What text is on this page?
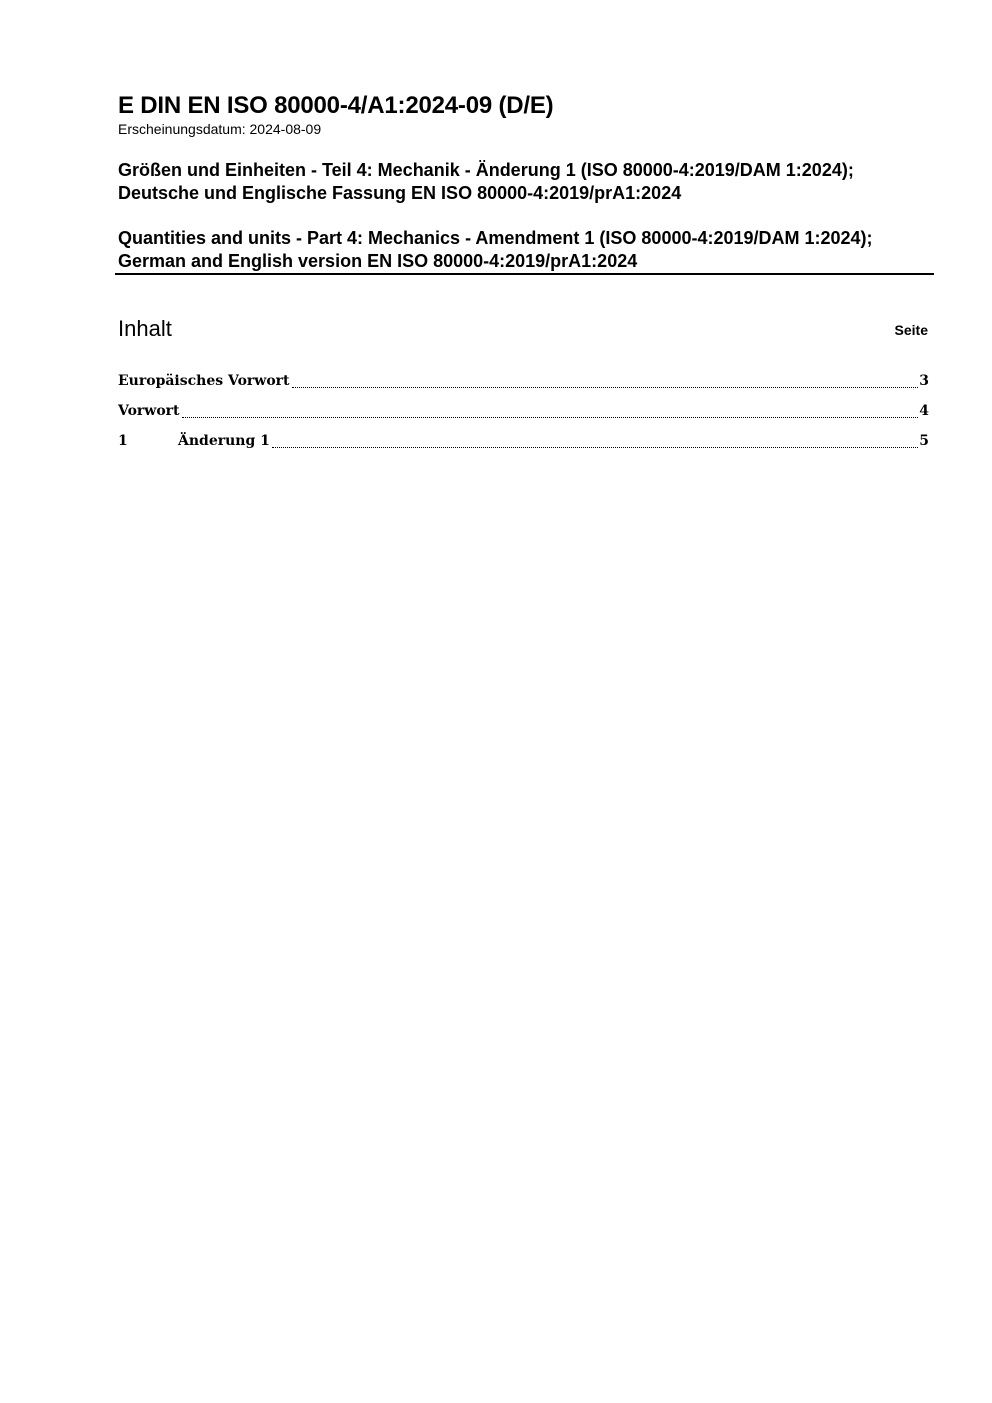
E DIN EN ISO 80000-4/A1:2024-09 (D/E)
Erscheinungsdatum: 2024-08-09
Größen und Einheiten - Teil 4: Mechanik - Änderung 1 (ISO 80000-4:2019/DAM 1:2024); Deutsche und Englische Fassung EN ISO 80000-4:2019/prA1:2024
Quantities and units - Part 4: Mechanics - Amendment 1 (ISO 80000-4:2019/DAM 1:2024); German and English version EN ISO 80000-4:2019/prA1:2024
Inhalt	Seite
Europäisches Vorwort	3
Vorwort	4
1	Änderung 1	5
